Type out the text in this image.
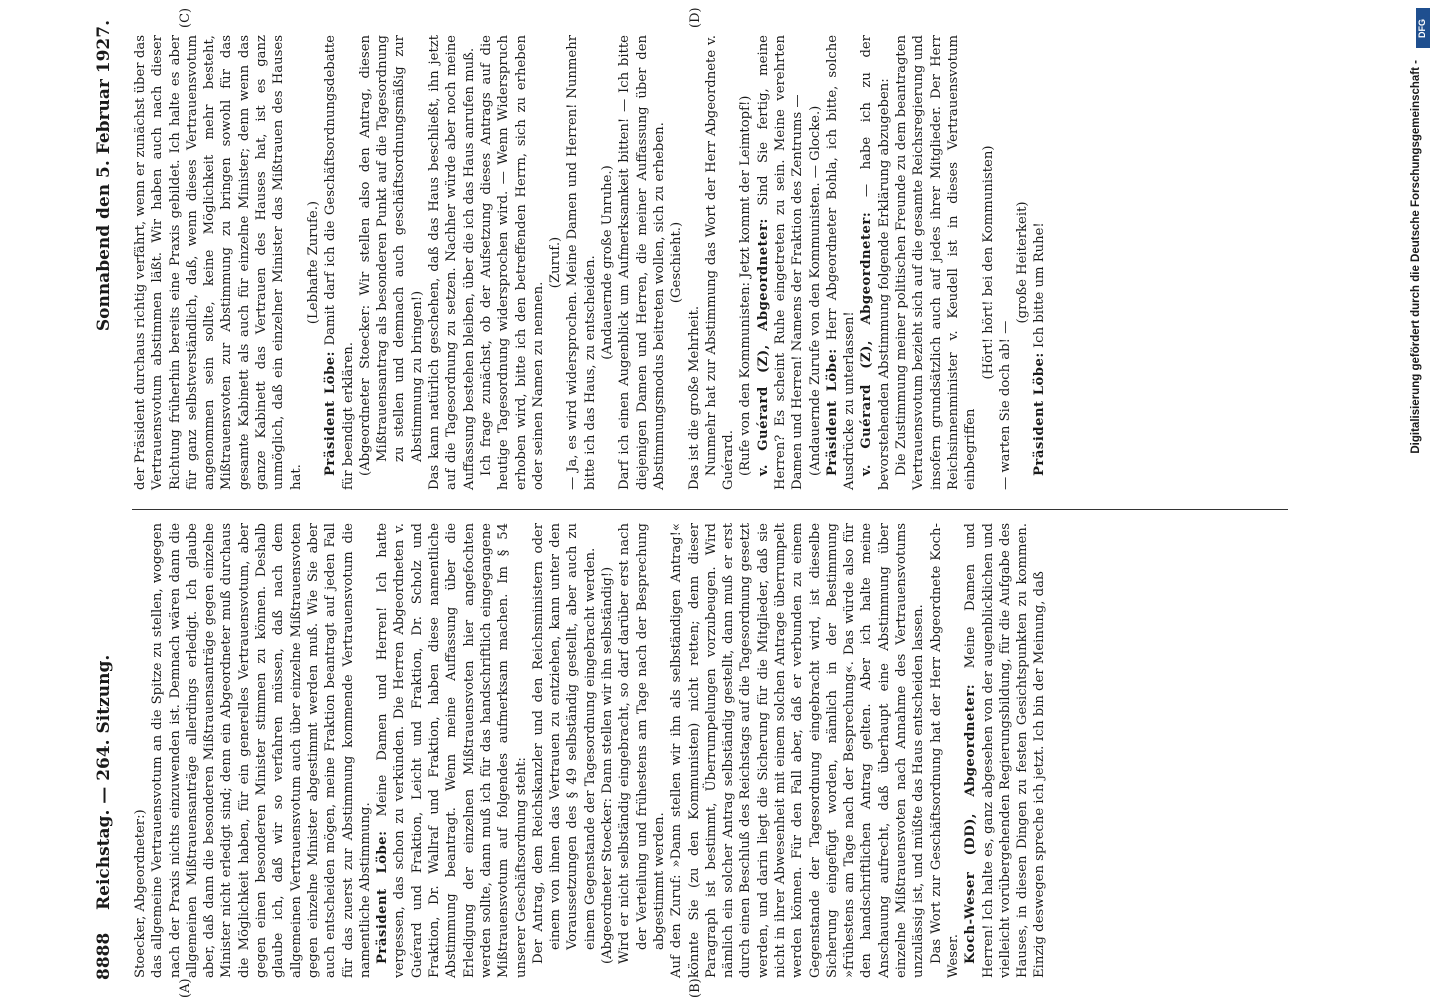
8888
Reichstag. — 264. Sitzung.
Sonnabend den 5. Februar 1927.
(A)	(B)
(C)	(D)

Stoecker, Abgeordneter:) das allgemeine Vertrauensvotum an die Spitze zu stellen, wogegen nach der Praxis nichts einzuwenden ist. Demnach wären dann die allgemeinen Mißtrauensanträge allerdings erledigt. Ich glaube aber, daß dann die besonderen Mißtrauensanträge gegen einzelne Minister nicht erledigt sind; denn ein Abgeordneter muß durchaus die Möglichkeit haben, für ein generelles Vertrauensvotum, aber gegen einen besonderen Minister stimmen zu können. Deshalb glaube ich, daß wir so verfahren müssen, daß nach dem allgemeinen Vertrauensvotum auch über einzelne Mißtrauensvoten gegen einzelne Minister abgestimmt werden muß. Wie Sie aber auch entscheiden mögen, meine Fraktion beantragt auf jeden Fall für das zuerst zur Abstimmung kommende Vertrauensvotum die namentliche Abstimmung. Präsident Löbe: Meine Damen und Herren! Ich hatte vergessen, das schon zu verkünden. Die Herren Abgeordneten v. Guérard und Fraktion, Leicht und Fraktion, Dr. Scholz und Fraktion, Dr. Wallraf und Fraktion, haben diese namentliche Abstimmung beantragt. Wenn meine Auffassung über die Erledigung der einzelnen Mißtrauensvoten hier angefochten werden sollte, dann muß ich für das handschriftlich eingegangene Mißtrauensvotum auf folgendes aufmerksam machen. Im § 54 unserer Geschäftsordnung steht: Der Antrag, dem Reichskanzler und den Reichsministern oder einem von ihnen das Vertrauen zu entziehen, kann unter den Voraussetzungen des § 49 selbständig gestellt, aber auch zu einem Gegenstande der Tagesordnung eingebracht werden. (Abgeordneter Stoecker: Dann stellen wir ihn selbständig!) Wird er nicht selbständig eingebracht, so darf darüber erst nach der Verteilung und frühestens am Tage nach der Besprechung abgestimmt werden. Auf den Zuruf: »Dann stellen wir ihn als selbständigen Antrag!« könnte Sie (zu den Kommunisten) nicht retten; denn dieser Paragraph ist bestimmt, Überrumpelungen vorzubeugen. Wird nämlich ein solcher Antrag selbständig gestellt, dann muß er erst durch einen Beschluß des Reichstags auf die Tagesordnung gesetzt werden, und darin liegt die Sicherung für die Mitglieder, daß sie nicht in ihrer Abwesenheit mit einem solchen Antrage überrumpelt werden können. Für den Fall aber, daß er verbunden zu einem Gegenstande der Tagesordnung eingebracht wird, ist dieselbe Sicherung eingefügt worden, nämlich in der Bestimmung »frühestens am Tage nach der Besprechung«. Das würde also für den handschriftlichen Antrag gelten. Aber ich halte meine Anschauung aufrecht, daß überhaupt eine Abstimmung über einzelne Mißtrauensvoten nach Annahme des Vertrauensvotums unzulässig ist, und müßte das Haus entscheiden lassen. Das Wort zur Geschäftsordnung hat der Herr Abgeordnete Koch-Weser. Koch-Weser (DD), Abgeordneter: Meine Damen und Herren! Ich halte es, ganz abgesehen von der augenblicklichen und vielleicht vorübergehenden Regierungsbildung, für die Aufgabe des Hauses, in diesen Dingen zu festen Gesichtspunkten zu kommen. Einzig deswegen spreche ich jetzt. Ich bin der Meinung, daß

der Präsident durchaus richtig verfährt, wenn er zunächst über das Vertrauensvotum abstimmen läßt. Wir haben auch nach dieser Richtung früherhin bereits eine Praxis gebildet. Ich halte es aber für ganz selbstverständlich, daß, wenn dieses Vertrauensvotum angenommen sein sollte, keine Möglichkeit mehr besteht, Mißtrauensvoten zur Abstimmung zu bringen sowohl für das gesamte Kabinett als auch für einzelne Minister; denn wenn das ganze Kabinett das Vertrauen des Hauses hat, ist es ganz unmöglich, daß ein einzelner Minister das Mißtrauen des Hauses hat.

(Lebhafte Zurufe.)

Präsident Löbe: Damit darf ich die Geschäftsordnungsdebatte für beendigt erklären. (Abgeordneter Stoecker: Wir stellen also den Antrag, diesen Mißtrauensantrag als besonderen Punkt auf die Tagesordnung zu stellen und demnach auch geschäftsordnungsmäßig zur Abstimmung zu bringen!) Das kann natürlich geschehen, daß das Haus beschließt, ihn jetzt auf die Tagesordnung zu setzen. Nachher würde aber noch meine Auffassung bestehen bleiben, über die ich das Haus anrufen muß. Ich frage zunächst, ob der Aufsetzung dieses Antrags auf die heutige Tagesordnung widersprochen wird. — Wenn Widerspruch erhoben wird, bitte ich den betreffenden Herrn, sich zu erheben oder seinen Namen zu nennen.

(Zuruf.) — Ja, es wird widersprochen. Meine Damen und Herren! Nunmehr bitte ich das Haus, zu entscheiden. (Andauernde große Unruhe.) Darf ich einen Augenblick um Aufmerksamkeit bitten! — Ich bitte diejenigen Damen und Herren, die meiner Auffassung über den Abstimmungsmodus beitreten wollen, sich zu erheben. (Geschieht.)

Das ist die große Mehrheit. Nunmehr hat zur Abstimmung das Wort der Herr Abgeordnete v. Guérard. (Rufe von den Kommunisten: Jetzt kommt der Leimtopf!) v. Guérard (Z), Abgeordneter: Sind Sie fertig, meine Herren? Es scheint Ruhe eingetreten zu sein. Meine verehrten Damen und Herren! Namens der Fraktion des Zentrums — (Andauernde Zurufe von den Kommunisten. — Glocke.) Präsident Löbe: Herr Abgeordneter Bohla, ich bitte, solche Ausdrücke zu unterlassen! v. Guérard (Z), Abgeordneter: — habe ich zu der bevorstehenden Abstimmung folgende Erklärung abzugeben: Die Zustimmung meiner politischen Freunde zu dem beantragten Vertrauensvotum bezieht sich auf die gesamte Reichsregierung und insofern grundsätzlich auch auf jedes ihrer Mitglieder. Der Herr Reichsinnenminister v. Keudell ist in dieses Vertrauensvotum einbegriffen

(Hört! hört! bei den Kommunisten)

— warten Sie doch ab! —

(große Heiterkeit)

Präsident Löbe: Ich bitte um Ruhe!	Digitalisierung gefördert durch die Deutsche Forschungsgemeinschaft -
DFG
